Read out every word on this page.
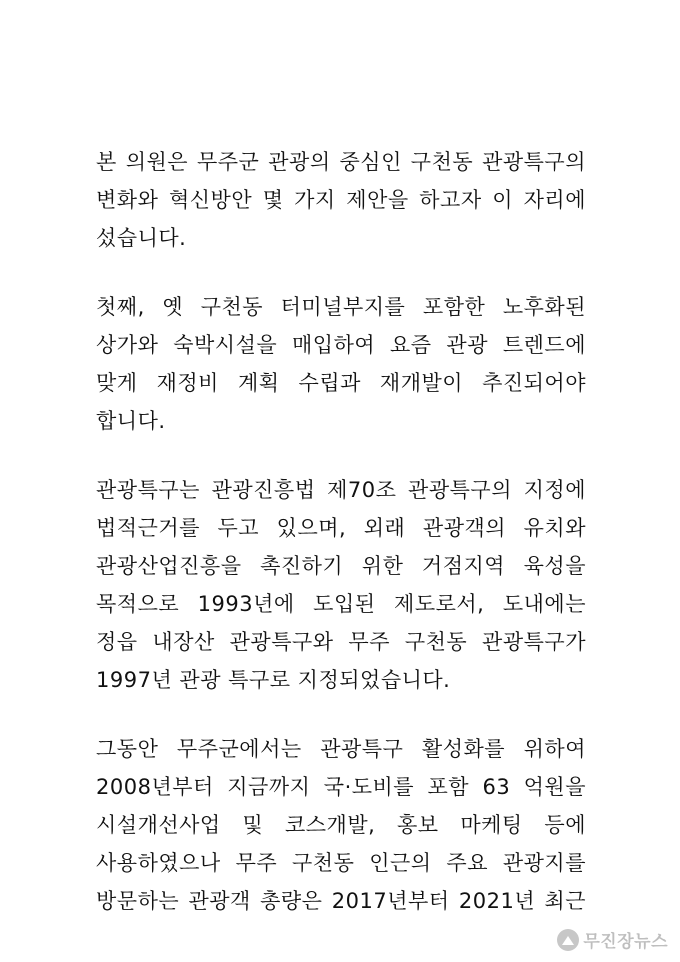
본 의원은 무주군 관광의 중심인 구천동 관광특구의
변화와 혁신방안 몇 가지 제안을 하고자 이 자리에
섰습니다.
첫째, 옛 구천동 터미널부지를 포함한 노후화된
상가와 숙박시설을 매입하여 요즘 관광 트렌드에
맞게 재정비 계획 수립과 재개발이 추진되어야
합니다.
관광특구는 관광진흥법 제70조 관광특구의 지정에
법적근거를 두고 있으며, 외래 관광객의 유치와
관광산업진흥을 촉진하기 위한 거점지역 육성을
목적으로 1993년에 도입된 제도로서, 도내에는
정읍 내장산 관광특구와 무주 구천동 관광특구가
1997년 관광 특구로 지정되었습니다.
그동안 무주군에서는 관광특구 활성화를 위하여
2008년부터 지금까지 국·도비를 포함 63 억원을
시설개선사업 및 코스개발, 홍보 마케팅 등에
사용하였으나 무주 구천동 인근의 주요 관광지를
방문하는 관광객 총량은 2017년부터 2021년 최근
무진장뉴스
